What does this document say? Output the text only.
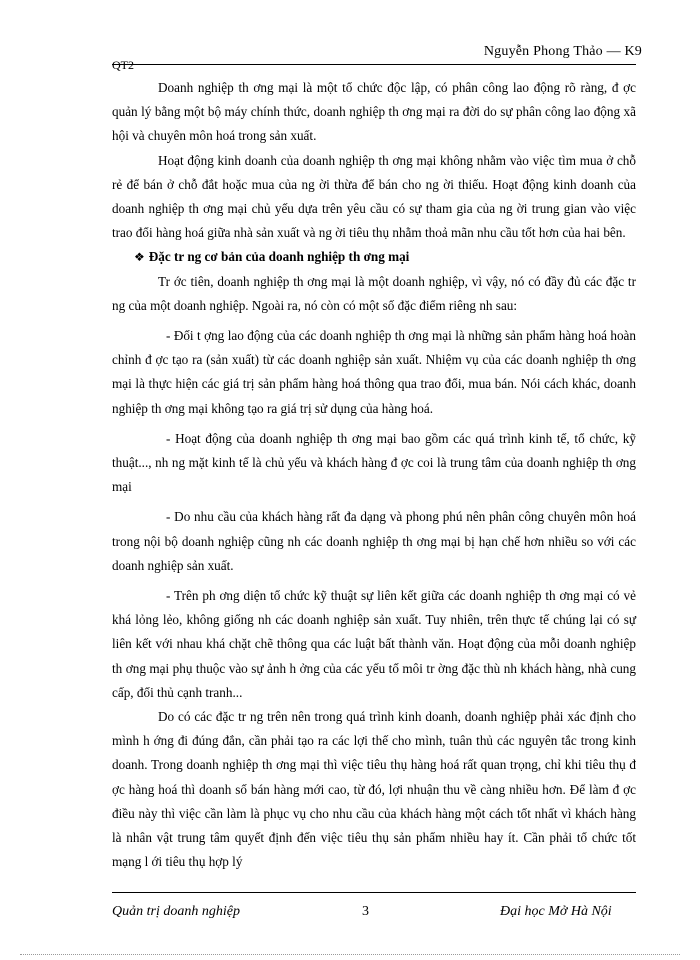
Nguyễn Phong Thảo — K9
QT2

Doanh nghiệp th ơng mại là một tổ chức độc lập, có phân công lao động rõ ràng, đ ợc quản lý bằng một bộ máy chính thức, doanh nghiệp th ơng mại ra đời do sự phân công lao động xã hội và chuyên môn hoá trong sản xuất.

Hoạt động kinh doanh của doanh nghiệp th ơng mại không nhằm vào việc tìm mua ở chỗ rẻ để bán ở chỗ đắt hoặc mua của ng ời thừa để bán cho ng ời thiếu. Hoạt động kinh doanh của doanh nghiệp th ơng mại chủ yếu dựa trên yêu cầu có sự tham gia của ng ời trung gian vào việc trao đổi hàng hoá giữa nhà sản xuất và ng ời tiêu thụ nhằm thoả mãn nhu cầu tốt hơn của hai bên.

❖ Đặc tr ng cơ bản của doanh nghiệp th ơng mại

Tr ớc tiên, doanh nghiệp th ơng mại là một doanh nghiệp, vì vậy, nó có đầy đủ các đặc tr ng của một doanh nghiệp. Ngoài ra, nó còn có một số đặc điểm riêng nh sau:

- Đối t ợng lao động của các doanh nghiệp th ơng mại là những sản phẩm hàng hoá hoàn chỉnh đ ợc tạo ra (sản xuất) từ các doanh nghiệp sản xuất. Nhiệm vụ của các doanh nghiệp th ơng mại là thực hiện các giá trị sản phẩm hàng hoá thông qua trao đổi, mua bán. Nói cách khác, doanh nghiệp th ơng mại không tạo ra giá trị sử dụng của hàng hoá.

- Hoạt động của doanh nghiệp th ơng mại bao gồm các quá trình kinh tế, tổ chức, kỹ thuật..., nh ng mặt kinh tế là chủ yếu và khách hàng đ ợc coi là trung tâm của doanh nghiệp th ơng mại

- Do nhu cầu của khách hàng rất đa dạng và phong phú nên phân công chuyên môn hoá trong nội bộ doanh nghiệp cũng nh các doanh nghiệp th ơng mại bị hạn chế hơn nhiều so với các doanh nghiệp sản xuất.

- Trên ph ơng diện tổ chức kỹ thuật sự liên kết giữa các doanh nghiệp th ơng mại có vẻ khá lỏng lẻo, không giống nh các doanh nghiệp sản xuất. Tuy nhiên, trên thực tế chúng lại có sự liên kết với nhau khá chặt chẽ thông qua các luật bất thành văn. Hoạt động của mỗi doanh nghiệp th ơng mại phụ thuộc vào sự ảnh h ởng của các yếu tố môi tr ờng đặc thù nh khách hàng, nhà cung cấp, đối thủ cạnh tranh...

Do có các đặc tr ng trên nên trong quá trình kinh doanh, doanh nghiệp phải xác định cho mình h ớng đi đúng đắn, cần phải tạo ra các lợi thế cho mình, tuân thủ các nguyên tắc trong kinh doanh. Trong doanh nghiệp th ơng mại thì việc tiêu thụ hàng hoá rất quan trọng, chỉ khi tiêu thụ đ ợc hàng hoá thì doanh số bán hàng mới cao, từ đó, lợi nhuận thu về càng nhiều hơn. Để làm đ ợc điều này thì việc cần làm là phục vụ cho nhu cầu của khách hàng một cách tốt nhất vì khách hàng là nhân vật trung tâm quyết định đến việc tiêu thụ sản phẩm nhiều hay ít. Cần phải tổ chức tốt mạng l ới tiêu thụ hợp lý

Quản trị doanh nghiệp	3	Đại học Mở Hà Nội
